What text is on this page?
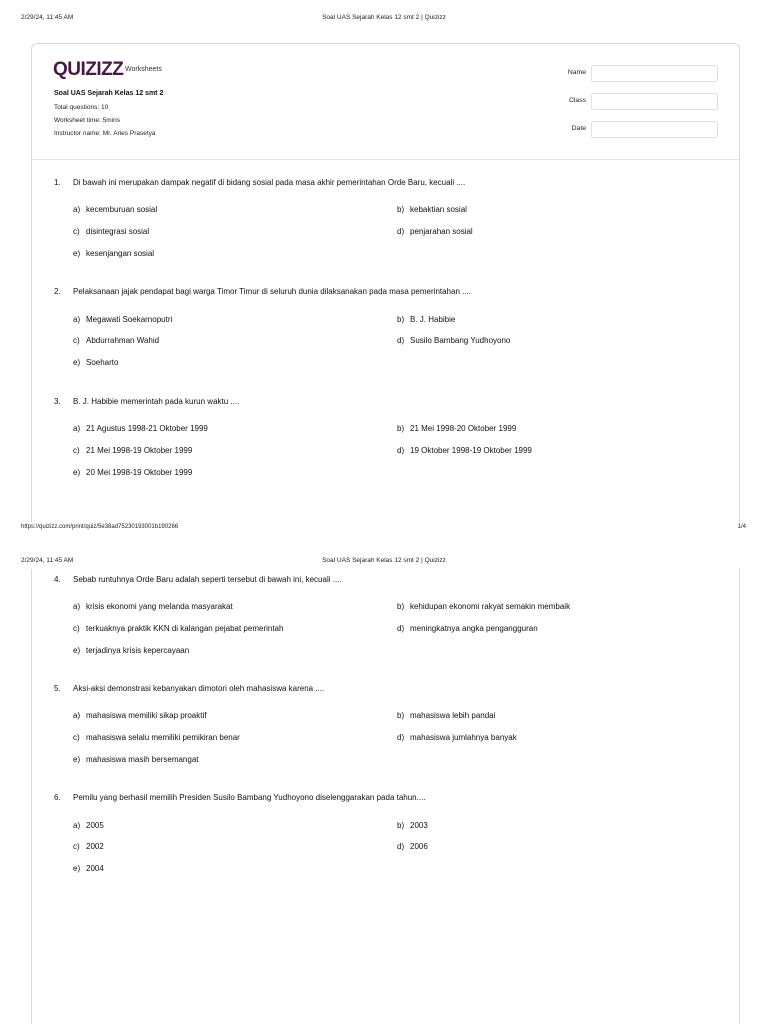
2/29/24, 11:45 AM	Soal UAS Sejarah Kelas 12 smt 2 | Quizizz
QUIZIZZ Worksheets
Soal UAS Sejarah Kelas 12 smt 2
Total questions: 10
Worksheet time: 5mins
Instructor name: Mr. Aries Prasetya
Name
Class
Date
1. Di bawah ini merupakan dampak negatif di bidang sosial pada masa akhir pemerintahan Orde Baru, kecuali ....
a) kecemburuan sosial	b) kebaktian sosial
c) disintegrasi sosial	d) penjarahan sosial
e) kesenjangan sosial
2. Pelaksanaan jajak pendapat bagi warga Timor Timur di seluruh dunia dilaksanakan pada masa pemerintahan ....
a) Megawati Soekarnoputri	b) B. J. Habibie
c) Abdurrahman Wahid	d) Susilo Bambang Yudhoyono
e) Soeharto
3. B. J. Habibie memerintah pada kurun waktu ....
a) 21 Agustus 1998-21 Oktober 1999	b) 21 Mei 1998-20 Oktober 1999
c) 21 Mei 1998-19 Oktober 1999	d) 19 Oktober 1998-19 Oktober 1999
e) 20 Mei 1998-19 Oktober 1999
https://quizizz.com/print/quiz/5e38ad75230193001b190266	1/4
2/29/24, 11:45 AM	Soal UAS Sejarah Kelas 12 smt 2 | Quizizz
4. Sebab runtuhnya Orde Baru adalah seperti tersebut di bawah ini, kecuali ....
a) krisis ekonomi yang melanda masyarakat	b) kehidupan ekonomi rakyat semakin membaik
c) terkuaknya praktik KKN di kalangan pejabat pemerintah	d) meningkatnya angka pengangguran
e) terjadinya krisis kepercayaan
5. Aksi-aksi demonstrasi kebanyakan dimotori oleh mahasiswa karena ....
a) mahasiswa memiliki sikap proaktif	b) mahasiswa lebih pandai
c) mahasiswa selalu memiliki pemikiran benar	d) mahasiswa jumlahnya banyak
e) mahasiswa masih bersemangat
6. Pemilu yang berhasil memilih Presiden Susilo Bambang Yudhoyono diselenggarakan pada tahun....
a) 2005	b) 2003
c) 2002	d) 2006
e) 2004
